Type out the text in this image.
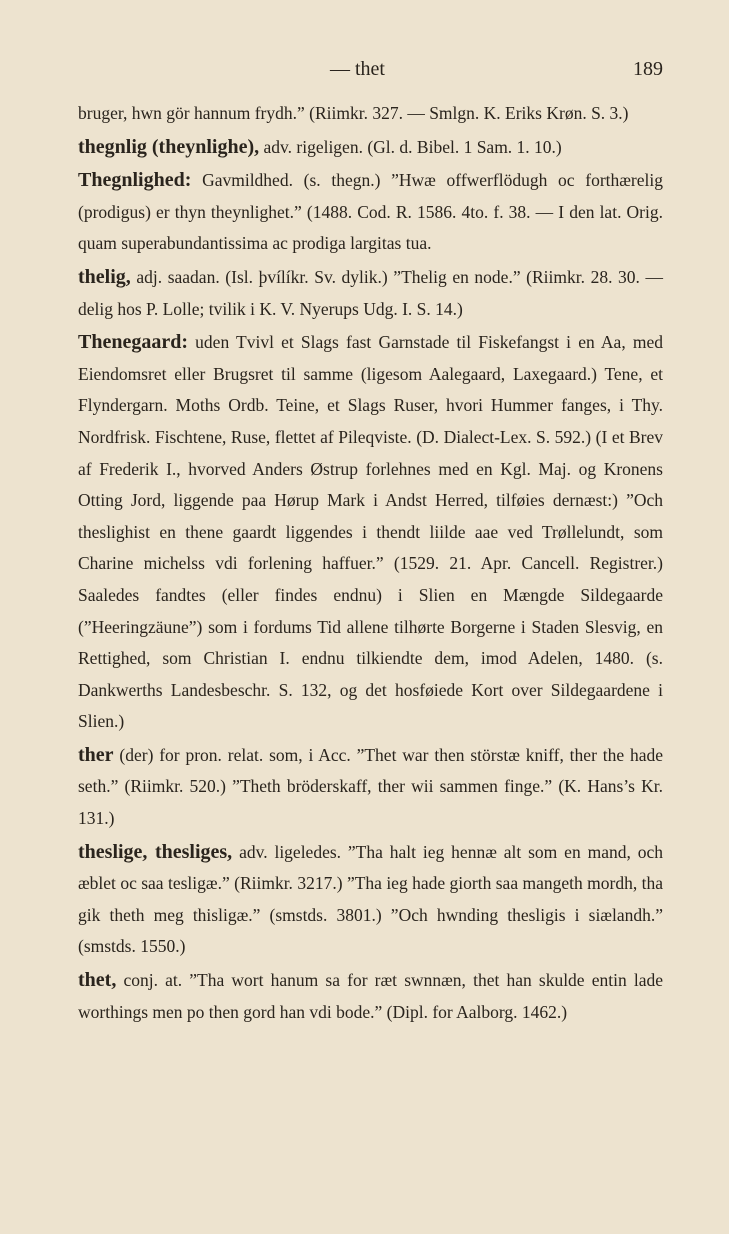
— thet	189

bruger, hwn gör hannum frydh.” (Riimkr. 327. — Smlgn. K. Eriks Krøn. S. 3.)

thegnlig (theynlighe), adv. rigeligen. (Gl. d. Bibel. 1 Sam. 1. 10.)

Thegnlighed: Gavmildhed. (s. thegn.) ”Hwæ offwerflödugh oc forthærelig (prodigus) er thyn theynlighet.” (1488. Cod. R. 1586. 4to. f. 38. — I den lat. Orig. quam superabundantissima ac prodiga largitas tua.

thelig, adj. saadan. (Isl. þvílíkr. Sv. dylik.) ”Thelig en node.” (Riimkr. 28. 30. — delig hos P. Lolle; tvilik i K. V. Nyerups Udg. I. S. 14.)

Thenegaard: uden Tvivl et Slags fast Garnstade til Fiskefangst i en Aa, med Eiendomsret eller Brugsret til samme (ligesom Aalegaard, Laxegaard.) Tene, et Flyndergarn. Moths Ordb. Teine, et Slags Ruser, hvori Hummer fanges, i Thy. Nordfrisk. Fischtene, Ruse, flettet af Pileqviste. (D. Dialect-Lex. S. 592.) (I et Brev af Frederik I., hvorved Anders Østrup forlehnes med en Kgl. Maj. og Kronens Otting Jord, liggende paa Hørup Mark i Andst Herred, tilføies dernæst:) ”Och theslighist en thene gaardt liggendes i thendt liilde aae ved Trøllelundt, som Charine michelss vdi forlening haffuer.” (1529. 21. Apr. Cancell. Registrer.) Saaledes fandtes (eller findes endnu) i Slien en Mængde Sildegaarde (”Heeringzäune”) som i fordums Tid allene tilhørte Borgerne i Staden Slesvig, en Rettighed, som Christian I. endnu tilkiendte dem, imod Adelen, 1480. (s. Dankwerths Landesbeschr. S. 132, og det hosføiede Kort over Sildegaardene i Slien.)

ther (der) for pron. relat. som, i Acc. ”Thet war then störstæ kniff, ther the hade seth.” (Riimkr. 520.) ”Theth bröderskaff, ther wii sammen finge.” (K. Hans’s Kr. 131.)

theslige, thesliges, adv. ligeledes. ”Tha halt ieg hennæ alt som en mand, och æblet oc saa tesligæ.” (Riimkr. 3217.) ”Tha ieg hade giorth saa mangeth mordh, tha gik theth meg thisligæ.” (smstds. 3801.) ”Och hwnding thesligis i siælandh.” (smstds. 1550.)

thet, conj. at. ”Tha wort hanum sa for ræt swnnæn, thet han skulde entin lade worthings men po then gord han vdi bode.” (Dipl. for Aalborg. 1462.)
